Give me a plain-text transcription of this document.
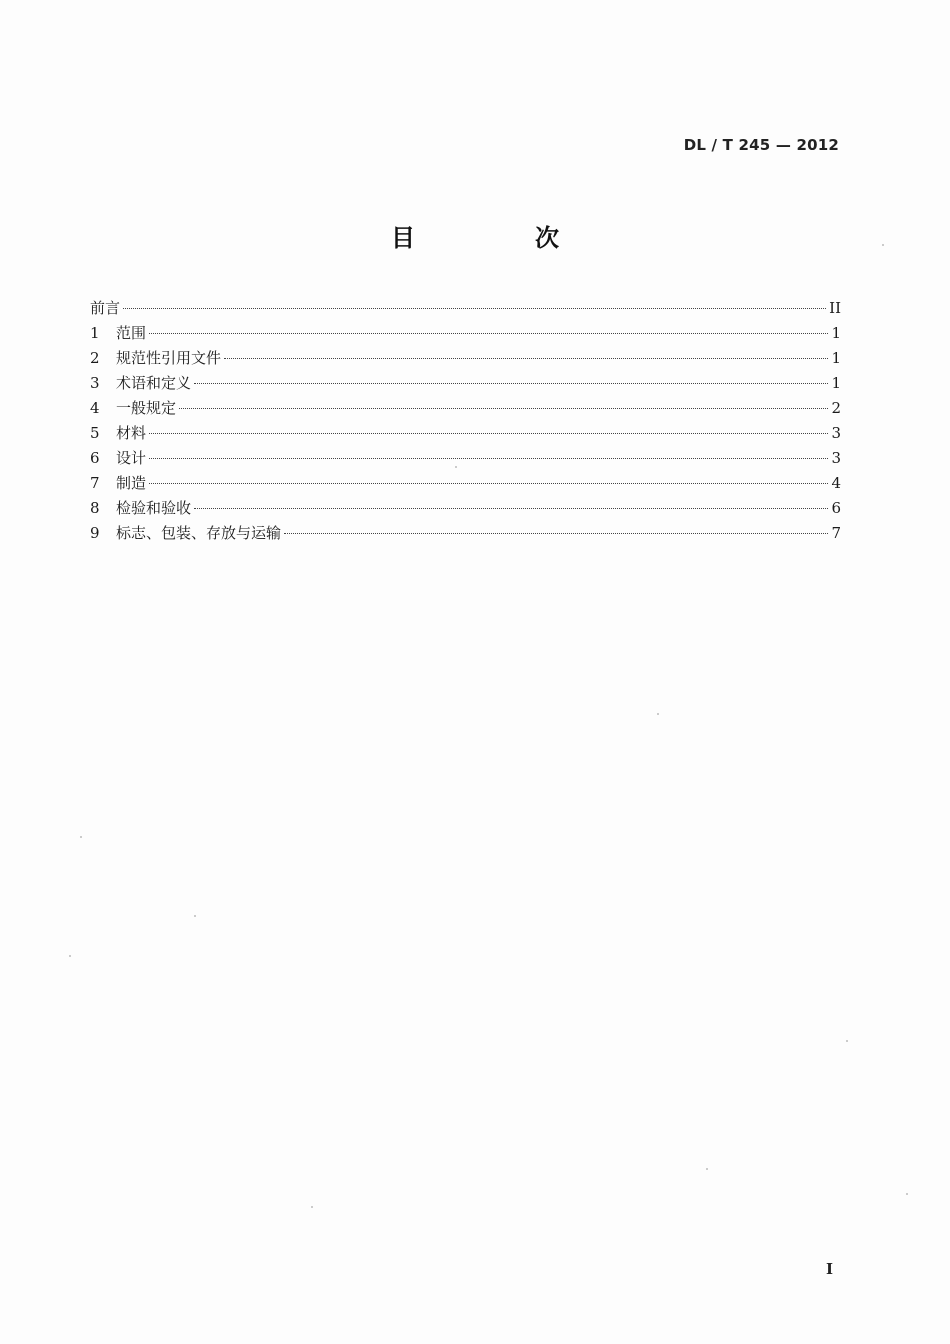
DL / T 245 — 2012
目　次
前言	II
1	范围	1
2	规范性引用文件	1
3	术语和定义	1
4	一般规定	2
5	材料	3
6	设计	3
7	制造	4
8	检验和验收	6
9	标志、包装、存放与运输	7
I
